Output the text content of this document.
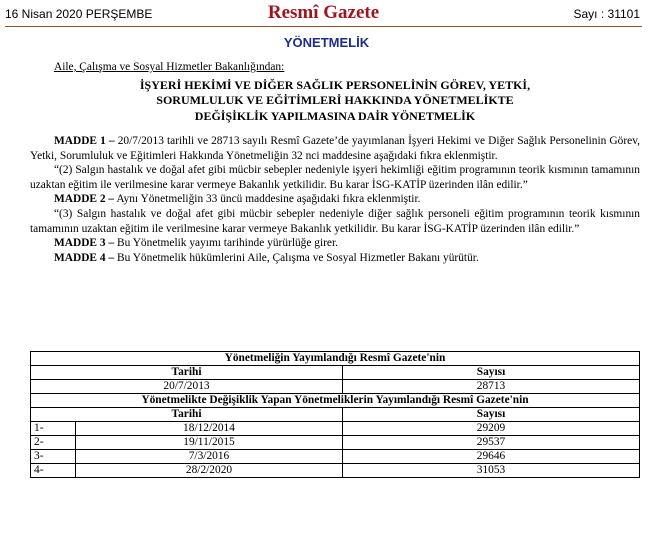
16 Nisan 2020 PERŞEMBE	Resmî Gazete	Sayı : 31101
YÖNETMELİK
Aile, Çalışma ve Sosyal Hizmetler Bakanlığından:
İŞYERİ HEKİMİ VE DİĞER SAĞLIK PERSONELİNİN GÖREV, YETKİ,
SORUMLULUK VE EĞİTİMLERİ HAKKINDA YÖNETMELİKTE
DEĞİŞİKLİK YAPILMASINA DAİR YÖNETMELİK
MADDE 1 – 20/7/2013 tarihli ve 28713 sayılı Resmî Gazete’de yayımlanan İşyeri Hekimi ve Diğer Sağlık Personelinin Görev, Yetki, Sorumluluk ve Eğitimleri Hakkında Yönetmeliğin 32 nci maddesine aşağıdaki fıkra eklenmiştir.
“(2) Salgın hastalık ve doğal afet gibi mücbir sebepler nedeniyle işyeri hekimliği eğitim programının teorik kısmının tamamının uzaktan eğitim ile verilmesine karar vermeye Bakanlık yetkilidir. Bu karar İSG-KATİP üzerinden ilân edilir.”
MADDE 2 – Aynı Yönetmeliğin 33 üncü maddesine aşağıdaki fıkra eklenmiştir.
“(3) Salgın hastalık ve doğal afet gibi mücbir sebepler nedeniyle diğer sağlık personeli eğitim programının teorik kısmının tamamının uzaktan eğitim ile verilmesine karar vermeye Bakanlık yetkilidir. Bu karar İSG-KATİP üzerinden ilân edilir.”
MADDE 3 – Bu Yönetmelik yayımı tarihinde yürürlüğe girer.
MADDE 4 – Bu Yönetmelik hükümlerini Aile, Çalışma ve Sosyal Hizmetler Bakanı yürütür.
Yönetmeliğin Yayımlandığı Resmî Gazete'nin		
Tarihi		Sayısı
20/7/2013		28713
Yönetmelikte Değişiklik Yapan Yönetmeliklerin Yayımlandığı Resmî Gazete'nin		
Tarihi		Sayısı
1-	18/12/2014	29209
2-	19/11/2015	29537
3-	7/3/2016	29646
4-	28/2/2020	31053
